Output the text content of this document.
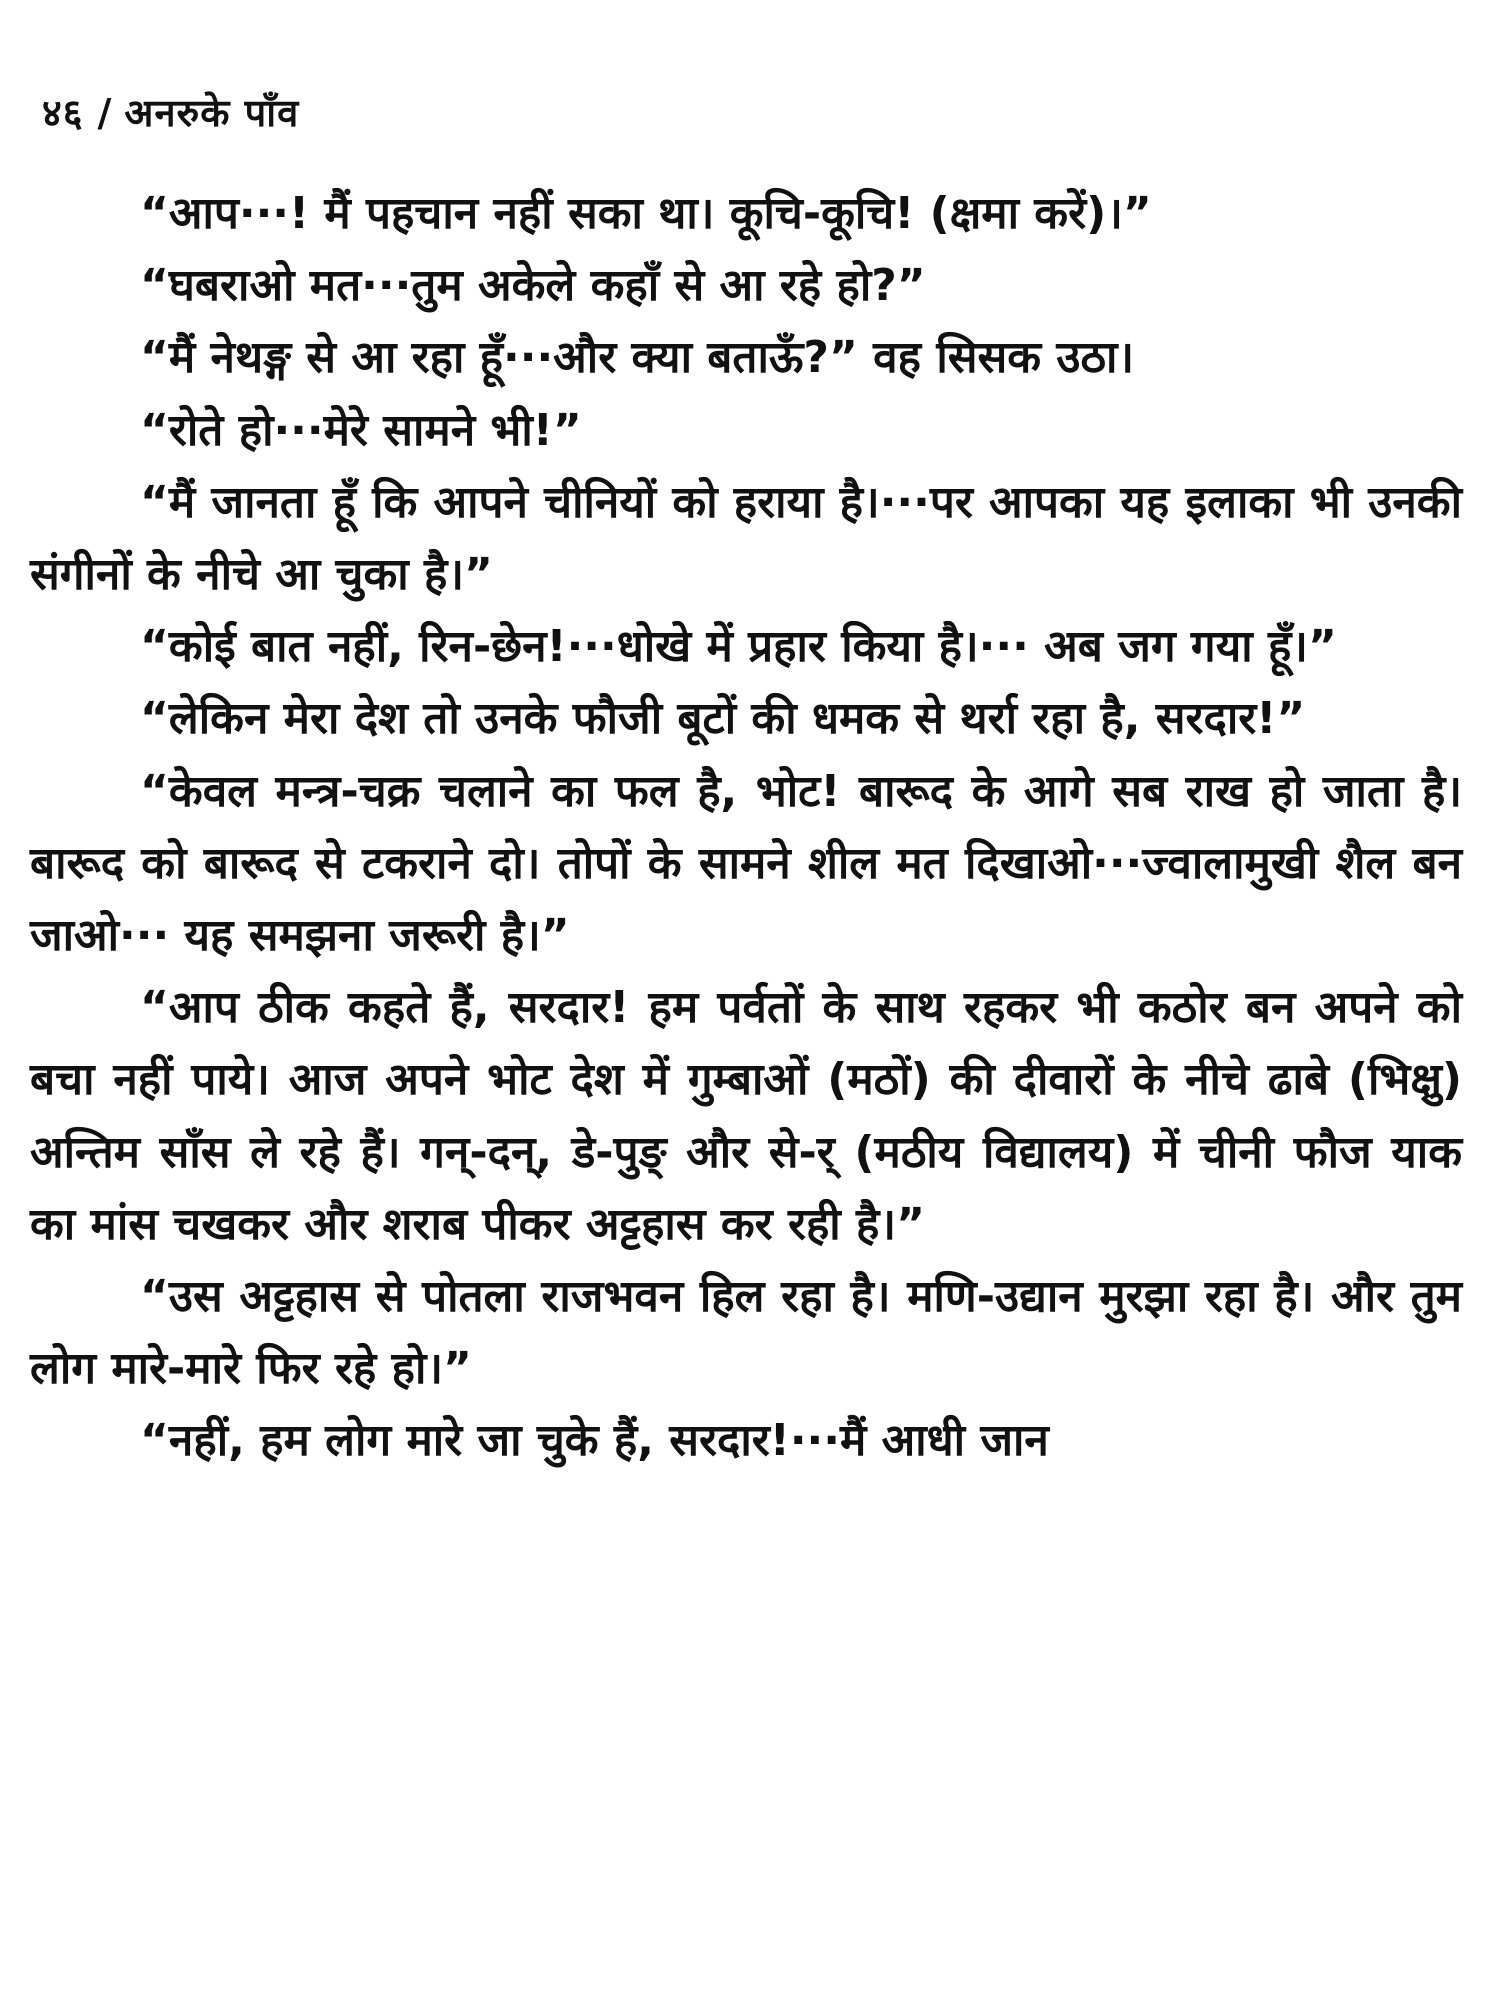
४६ / अनरुके पाँव

“आप···! मैं पहचान नहीं सका था। कूचि-कूचि! (क्षमा करें)।”

“घबराओ मत···तुम अकेले कहाँ से आ रहे हो?”

“मैं नेथङ्ग से आ रहा हूँ···और क्या बताऊँ?” वह सिसक उठा।

“रोते हो···मेरे सामने भी!”

“मैं जानता हूँ कि आपने चीनियों को हराया है।···पर आपका यह इलाका भी उनकी संगीनों के नीचे आ चुका है।”

“कोई बात नहीं, रिन-छेन!···धोखे में प्रहार किया है।··· अब जग गया हूँ।”

“लेकिन मेरा देश तो उनके फौजी बूटों की धमक से थर्रा रहा है, सरदार!”

“केवल मन्त्र-चक्र चलाने का फल है, भोट! बारूद के आगे सब राख हो जाता है। बारूद को बारूद से टकराने दो। तोपों के सामने शील मत दिखाओ···ज्वालामुखी शैल बन जाओ··· यह समझना जरूरी है।”

“आप ठीक कहते हैं, सरदार! हम पर्वतों के साथ रहकर भी कठोर बन अपने को बचा नहीं पाये। आज अपने भोट देश में गुम्बाओं (मठों) की दीवारों के नीचे ढाबे (भिक्षु) अन्तिम साँस ले रहे हैं। गन्-दन्, डे-पुङ् और से-र् (मठीय विद्यालय) में चीनी फौज याक का मांस चखकर और शराब पीकर अट्टहास कर रही है।”

“उस अट्टहास से पोतला राजभवन हिल रहा है। मणि-उद्यान मुरझा रहा है। और तुम लोग मारे-मारे फिर रहे हो।”

“नहीं, हम लोग मारे जा चुके हैं, सरदार!···मैं आधी जान
